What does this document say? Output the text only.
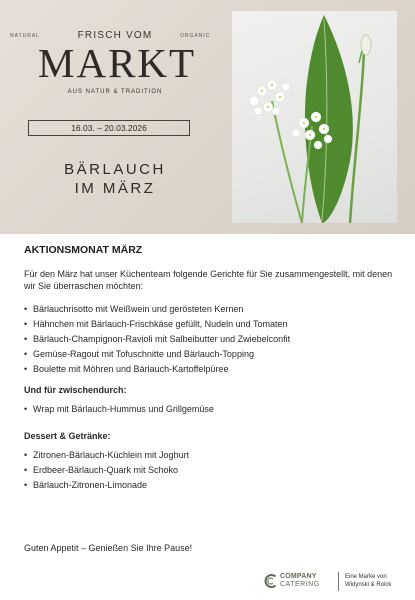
NATURAL	ORGANIC
FRISCH VOM
MARKT
AUS NATUR & TRADITION
16.03. – 20.03.2026
BÄRLAUCH
IM MÄRZ
AKTIONSMONAT MÄRZ

Für den März hat unser Küchenteam folgende Gerichte für Sie zusammengestellt, mit denen wir Sie überraschen möchten:

• Bärlauchrisotto mit Weißwein und gerösteten Kernen
• Hähnchen mit Bärlauch-Frischkäse gefüllt, Nudeln und Tomaten
• Bärlauch-Champignon-Ravioli mit Salbeibutter und Zwiebelconfit
• Gemüse-Ragout mit Tofuschnitte und Bärlauch-Topping
• Boulette mit Möhren und Bärlauch-Kartoffelpüree
Und für zwischendurch:
• Wrap mit Bärlauch-Hummus und Grillgemüse
Dessert & Getränke:
• Zitronen-Bärlauch-Küchlein mit Joghurt
• Erdbeer-Bärlauch-Quark mit Schoko
• Bärlauch-Zitronen-Limonade
Guten Appetit – Genießen Sie Ihre Pause!
COMPANY
CATERING
Eine Marke von
Widynski & Roick
